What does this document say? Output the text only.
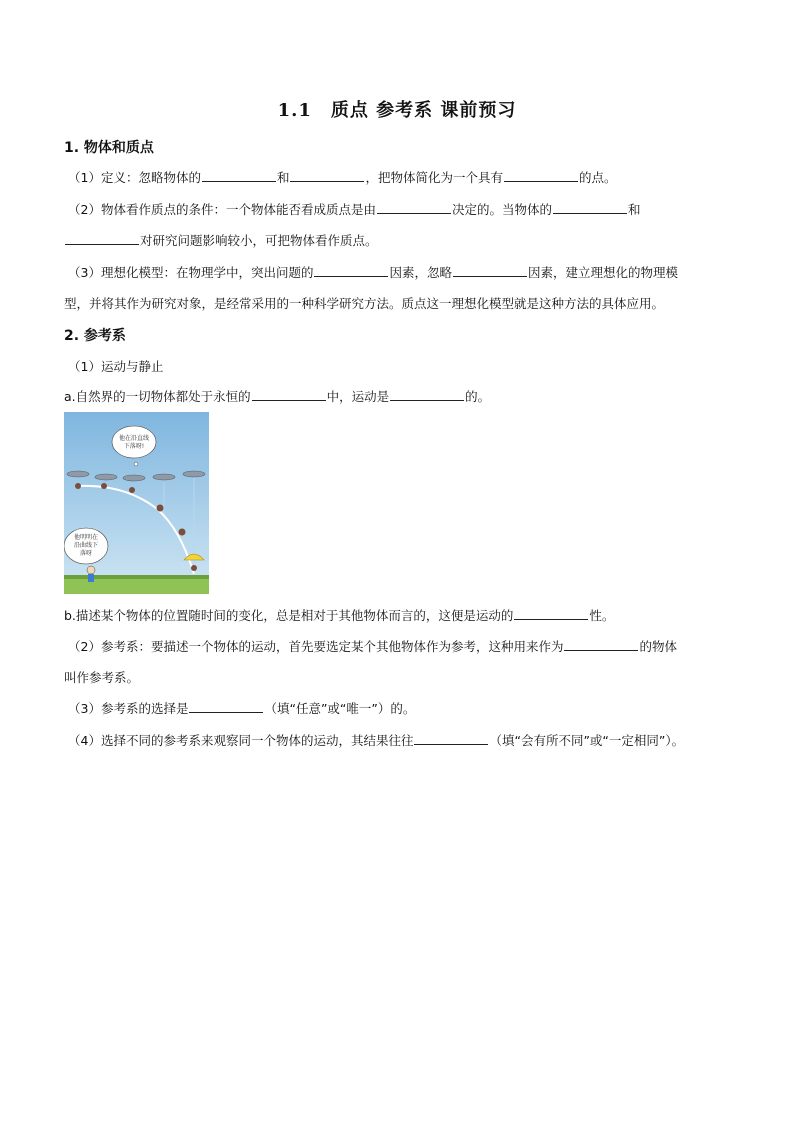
1.1　质点 参考系 课前预习
1. 物体和质点
（1）定义：忽略物体的	和	，把物体简化为一个具有	的点。
（2）物体看作质点的条件：一个物体能否看成质点是由	决定的。当物体的	和
对研究问题影响较小，可把物体看作质点。
（3）理想化模型：在物理学中，突出问题的	因素，忽略	因素，建立理想化的物理模
型，并将其作为研究对象，是经常采用的一种科学研究方法。质点这一理想化模型就是这种方法的具体应用。
2. 参考系
（1）运动与静止
a.自然界的一切物体都处于永恒的	中，运动是	的。
他在沿直线
下落呀!
他明明在
沿曲线下
落呀
b.描述某个物体的位置随时间的变化，总是相对于其他物体而言的，这便是运动的	性。
（2）参考系：要描述一个物体的运动，首先要选定某个其他物体作为参考，这种用来作为	的物体
叫作参考系。
（3）参考系的选择是	（填“任意”或“唯一”）的。
（4）选择不同的参考系来观察同一个物体的运动，其结果往往	（填“会有所不同”或“一定相同”）。
